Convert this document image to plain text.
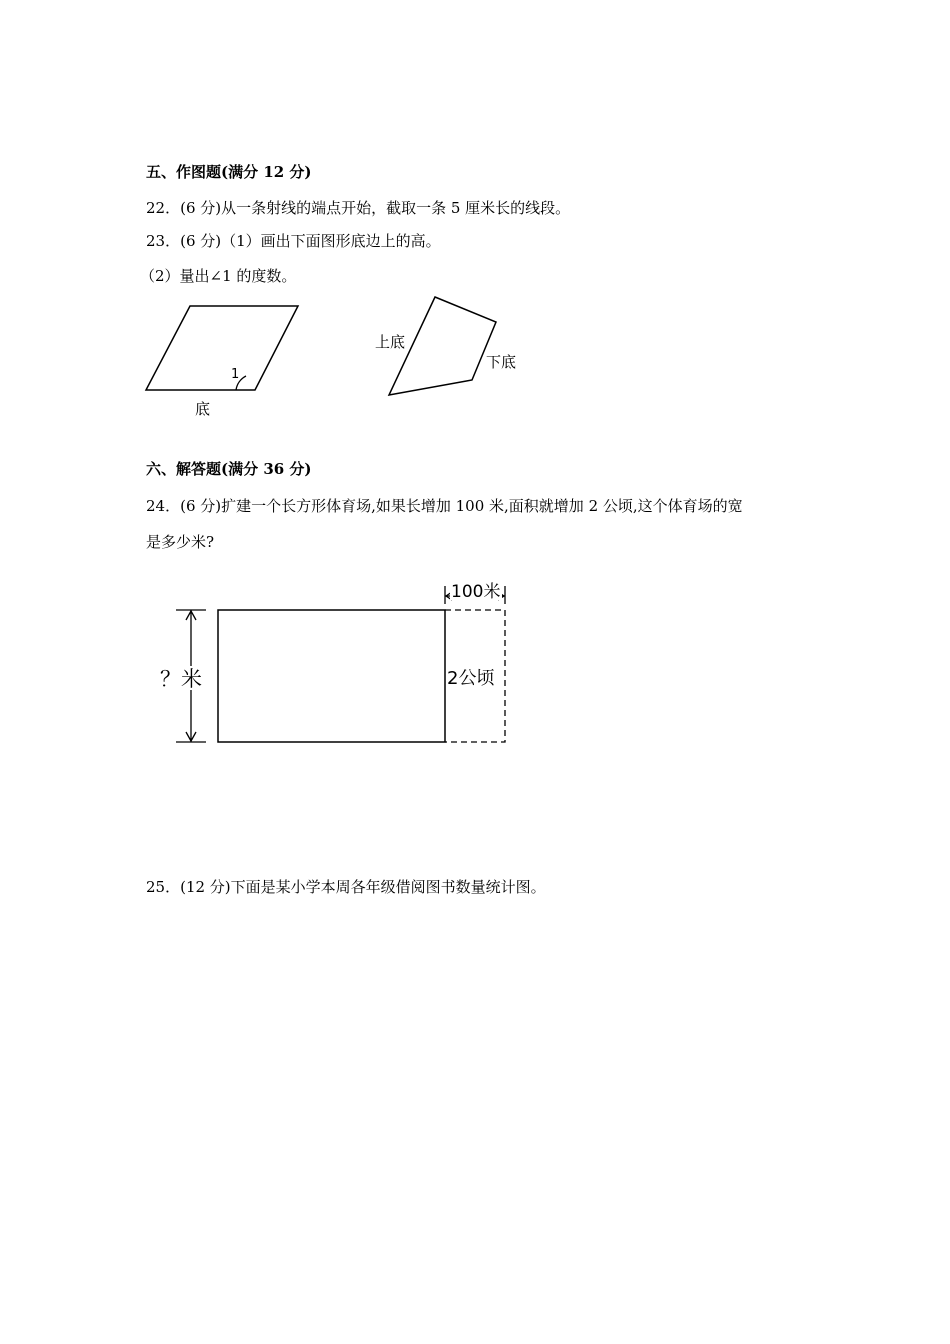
五、作图题(满分 12 分)
22．(6 分)从一条射线的端点开始，截取一条 5 厘米长的线段。
23．(6 分)（1）画出下面图形底边上的高。
（2）量出∠1 的度数。
1
底
上底
下底
六、解答题(满分 36 分)
24．(6 分)扩建一个长方形体育场,如果长增加 100 米,面积就增加 2 公顷,这个体育场的宽
是多少米?
？米
100米
2公顷
25．(12 分)下面是某小学本周各年级借阅图书数量统计图。
